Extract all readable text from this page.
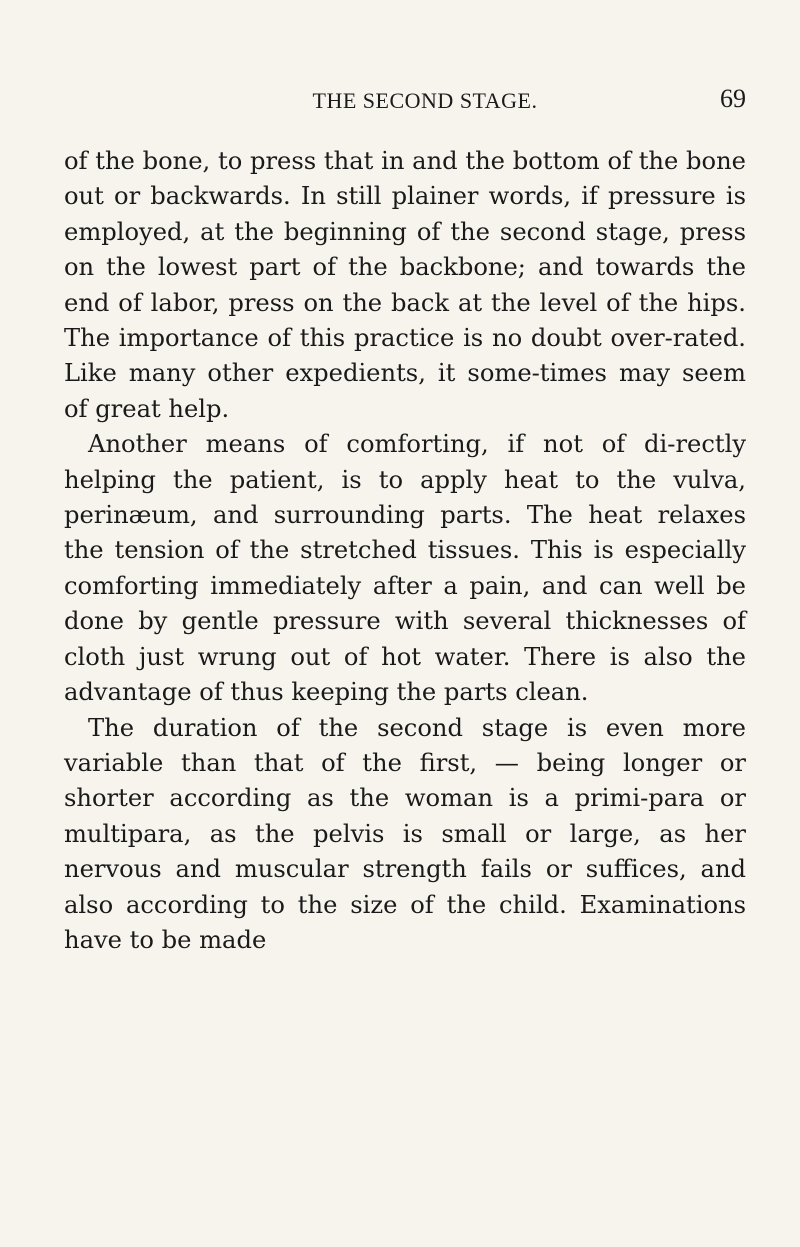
THE SECOND STAGE.	69

of the bone, to press that in and the bottom of the bone out or backwards. In still plainer words, if pressure is employed, at the beginning of the second stage, press on the lowest part of the backbone; and towards the end of labor, press on the back at the level of the hips. The importance of this practice is no doubt over-rated. Like many other expedients, it some-times may seem of great help.

Another means of comforting, if not of di-rectly helping the patient, is to apply heat to the vulva, perinæum, and surrounding parts. The heat relaxes the tension of the stretched tissues. This is especially comforting immediately after a pain, and can well be done by gentle pressure with several thicknesses of cloth just wrung out of hot water. There is also the advantage of thus keeping the parts clean.

The duration of the second stage is even more variable than that of the first, — being longer or shorter according as the woman is a primi-para or multipara, as the pelvis is small or large, as her nervous and muscular strength fails or suffices, and also according to the size of the child. Examinations have to be made
